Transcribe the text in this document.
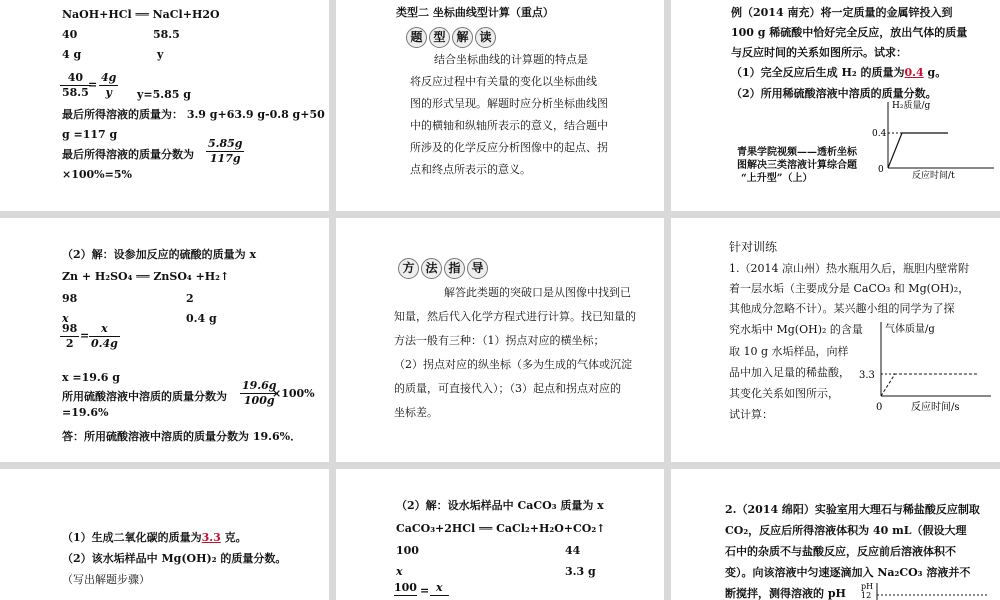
NaOH+HCl ══ NaCl+H2O
40	58.5
4 g	y
$\frac{40}{58.5}$
= $\frac{4g}{y} y=5.85$ g
最后所得溶液的质量为： 3.9 g+63.9 g-0.8 g+50
g =117 g
最后所得溶液的质量分数为 $\frac{5.85g}{117g}$
×100%=5%
类型二 坐标曲线型计算（重点）
题 型 解 读
结合坐标曲线的计算题的特点是
将反应过程中有关量的变化以坐标曲线
图的形式呈现。解题时应分析坐标曲线图
中的横轴和纵轴所表示的意义，结合题中
所涉及的化学反应分析图像中的起点、拐
点和终点所表示的意义。
例（2014 南充）将一定质量的金属锌投入到
100 g 稀硫酸中恰好完全反应，放出气体的质量
与反应时间的关系如图所示。试求：
（1）完全反应后生成 H₂ 的质量为0.4 g。
（2）所用稀硫酸溶液中溶质的质量分数。
青果学院视频——透析坐标
图解决三类溶液计算综合题
“上升型”（上）
H₂质量/g
0.4
0
反应时间/t
（2）解：设参加反应的硫酸的质量为 x
Zn + H₂SO₄ ══ ZnSO₄ +H₂↑
98	2
x	0.4 g
$\frac{98}{2} = \frac{x}{0.4g}$
x =19.6 g
所用硫酸溶液中溶质的质量分数为 $\frac{19.6g}{100g}$
×100%
=19.6%
答：所用硫酸溶液中溶质的质量分数为 19.6%．
方 法 指 导
解答此类题的突破口是从图像中找到已
知量，然后代入化学方程式进行计算。找已知量的
方法一般有三种：（1）拐点对应的横坐标；
（2）拐点对应的纵坐标（多为生成的气体或沉淀
的质量，可直接代入）；（3）起点和拐点对应的
坐标差。
针对训练
1.（2014 凉山州）热水瓶用久后，瓶胆内壁常附
着一层水垢（主要成分是 CaCO₃ 和 Mg(OH)₂，
其他成分忽略不计）。某兴趣小组的同学为了探
究水垢中 Mg(OH)₂ 的含量
取 10 g 水垢样品，向样
品中加入足量的稀盐酸，
其变化关系如图所示，
试计算：
气体质量/g
3.3
0	反应时间/s
（1）生成二氧化碳的质量为3.3 克。
（2）该水垢样品中 Mg(OH)₂ 的质量分数。
（写出解题步骤）
（2）解：设水垢样品中 CaCO₃ 质量为 x
CaCO₃+2HCl ══ CaCl₂+H₂O+CO₂↑
100	44
x	3.3 g
100 = x
2.（2014 绵阳）实验室用大理石与稀盐酸反应制取
CO₂，反应后所得溶液体积为 40 mL（假设大理
石中的杂质不与盐酸反应，反应前后溶液体积不
变）。向该溶液中匀速逐滴加入 Na₂CO₃ 溶液并不
断搅拌，测得溶液的 pH
pH
12
